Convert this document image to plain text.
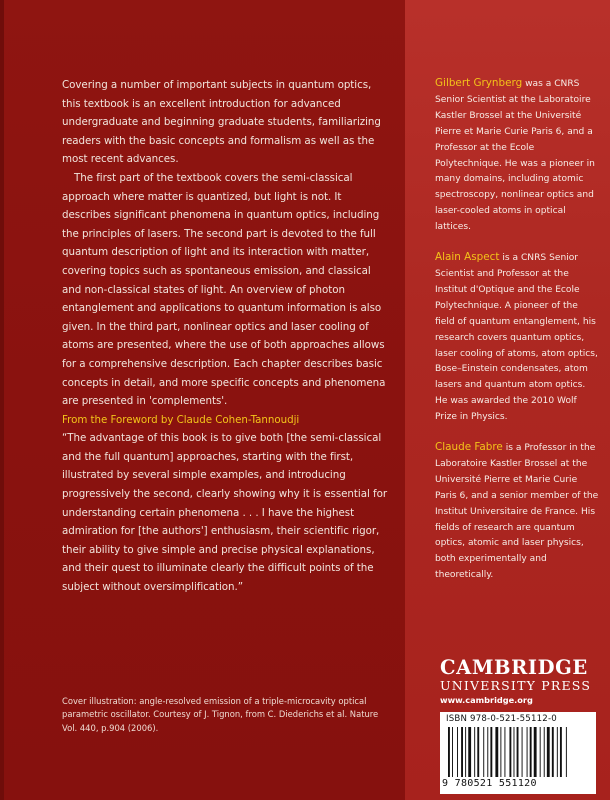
Covering a number of important subjects in quantum optics, this textbook is an excellent introduction for advanced undergraduate and beginning graduate students, familiarizing readers with the basic concepts and formalism as well as the most recent advances.

The first part of the textbook covers the semi-classical approach where matter is quantized, but light is not. It describes significant phenomena in quantum optics, including the principles of lasers. The second part is devoted to the full quantum description of light and its interaction with matter, covering topics such as spontaneous emission, and classical and non-classical states of light. An overview of photon entanglement and applications to quantum information is also given. In the third part, nonlinear optics and laser cooling of atoms are presented, where the use of both approaches allows for a comprehensive description. Each chapter describes basic concepts in detail, and more specific concepts and phenomena are presented in 'complements'.

From the Foreword by Claude Cohen-Tannoudji

“The advantage of this book is to give both [the semi-classical and the full quantum] approaches, starting with the first, illustrated by several simple examples, and introducing progressively the second, clearly showing why it is essential for understanding certain phenomena . . . I have the highest admiration for [the authors'] enthusiasm, their scientific rigor, their ability to give simple and precise physical explanations, and their quest to illuminate clearly the difficult points of the subject without oversimplification.”

Cover illustration: angle-resolved emission of a triple-microcavity optical parametric oscillator. Courtesy of J. Tignon, from C. Diederichs et al. Nature Vol. 440, p.904 (2006).
Gilbert Grynberg was a CNRS Senior Scientist at the Laboratoire Kastler Brossel at the Université Pierre et Marie Curie Paris 6, and a Professor at the Ecole Polytechnique. He was a pioneer in many domains, including atomic spectroscopy, nonlinear optics and laser-cooled atoms in optical lattices.
Alain Aspect is a CNRS Senior Scientist and Professor at the Institut d'Optique and the Ecole Polytechnique. A pioneer of the field of quantum entanglement, his research covers quantum optics, laser cooling of atoms, atom optics, Bose–Einstein condensates, atom lasers and quantum atom optics. He was awarded the 2010 Wolf Prize in Physics.
Claude Fabre is a Professor in the Laboratoire Kastler Brossel at the Université Pierre et Marie Curie Paris 6, and a senior member of the Institut Universitaire de France. His fields of research are quantum optics, atomic and laser physics, both experimentally and theoretically.
CAMBRIDGE
UNIVERSITY PRESS
www.cambridge.org
ISBN 978-0-521-55112-0
9 780521 551120
